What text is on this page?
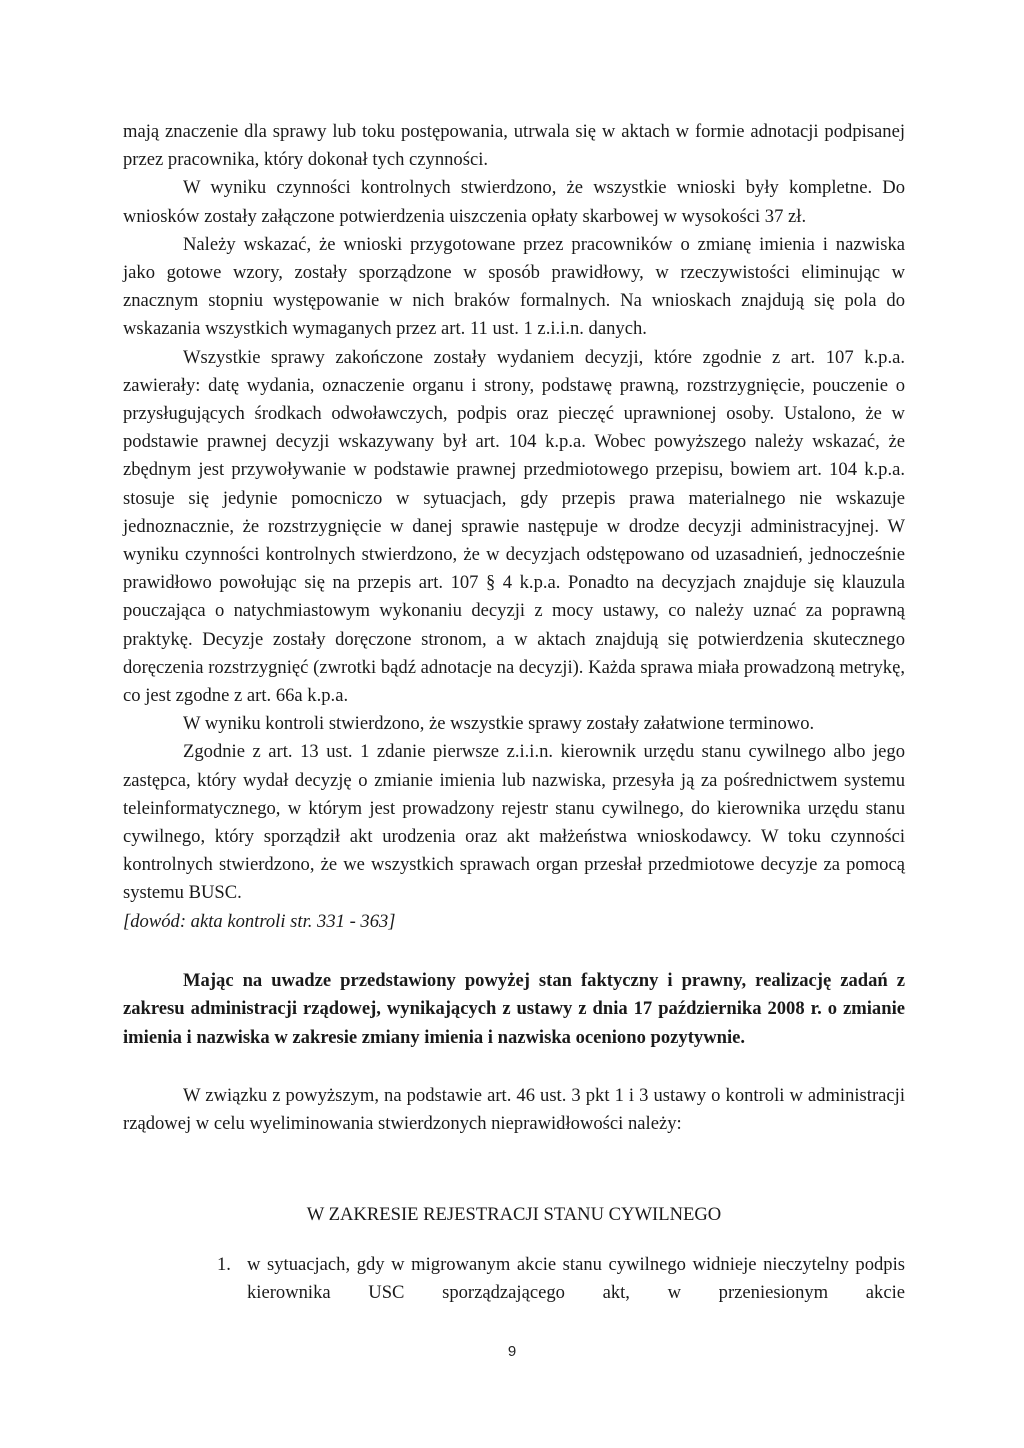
mają znaczenie dla sprawy lub toku postępowania, utrwala się w aktach w formie adnotacji podpisanej przez pracownika, który dokonał tych czynności.

W wyniku czynności kontrolnych stwierdzono, że wszystkie wnioski były kompletne. Do wniosków zostały załączone potwierdzenia uiszczenia opłaty skarbowej w wysokości 37 zł.

Należy wskazać, że wnioski przygotowane przez pracowników o zmianę imienia i nazwiska jako gotowe wzory, zostały sporządzone w sposób prawidłowy, w rzeczywistości eliminując w znacznym stopniu występowanie w nich braków formalnych. Na wnioskach znajdują się pola do wskazania wszystkich wymaganych przez art. 11 ust. 1 z.i.i.n. danych.

Wszystkie sprawy zakończone zostały wydaniem decyzji, które zgodnie z art. 107 k.p.a. zawierały: datę wydania, oznaczenie organu i strony, podstawę prawną, rozstrzygnięcie, pouczenie o przysługujących środkach odwoławczych, podpis oraz pieczęć uprawnionej osoby. Ustalono, że w podstawie prawnej decyzji wskazywany był art. 104 k.p.a. Wobec powyższego należy wskazać, że zbędnym jest przywoływanie w podstawie prawnej przedmiotowego przepisu, bowiem art. 104 k.p.a. stosuje się jedynie pomocniczo w sytuacjach, gdy przepis prawa materialnego nie wskazuje jednoznacznie, że rozstrzygnięcie w danej sprawie następuje w drodze decyzji administracyjnej. W wyniku czynności kontrolnych stwierdzono, że w decyzjach odstępowano od uzasadnień, jednocześnie prawidłowo powołując się na przepis art. 107 § 4 k.p.a. Ponadto na decyzjach znajduje się klauzula pouczająca o natychmiastowym wykonaniu decyzji z mocy ustawy, co należy uznać za poprawną praktykę. Decyzje zostały doręczone stronom, a w aktach znajdują się potwierdzenia skutecznego doręczenia rozstrzygnięć (zwrotki bądź adnotacje na decyzji). Każda sprawa miała prowadzoną metrykę, co jest zgodne z art. 66a k.p.a.

W wyniku kontroli stwierdzono, że wszystkie sprawy zostały załatwione terminowo.

Zgodnie z art. 13 ust. 1 zdanie pierwsze z.i.i.n. kierownik urzędu stanu cywilnego albo jego zastępca, który wydał decyzję o zmianie imienia lub nazwiska, przesyła ją za pośrednictwem systemu teleinformatycznego, w którym jest prowadzony rejestr stanu cywilnego, do kierownika urzędu stanu cywilnego, który sporządził akt urodzenia oraz akt małżeństwa wnioskodawcy. W toku czynności kontrolnych stwierdzono, że we wszystkich sprawach organ przesłał przedmiotowe decyzje za pomocą systemu BUSC.

[dowód: akta kontroli str. 331 - 363]

Mając na uwadze przedstawiony powyżej stan faktyczny i prawny, realizację zadań z zakresu administracji rządowej, wynikających z ustawy z dnia 17 października 2008 r. o zmianie imienia i nazwiska w zakresie zmiany imienia i nazwiska oceniono pozytywnie.

W związku z powyższym, na podstawie art. 46 ust. 3 pkt 1 i 3 ustawy o kontroli w administracji rządowej w celu wyeliminowania stwierdzonych nieprawidłowości należy:

W ZAKRESIE REJESTRACJI STANU CYWILNEGO

1. w sytuacjach, gdy w migrowanym akcie stanu cywilnego widnieje nieczytelny podpis kierownika USC sporządzającego akt, w przeniesionym akcie
9
